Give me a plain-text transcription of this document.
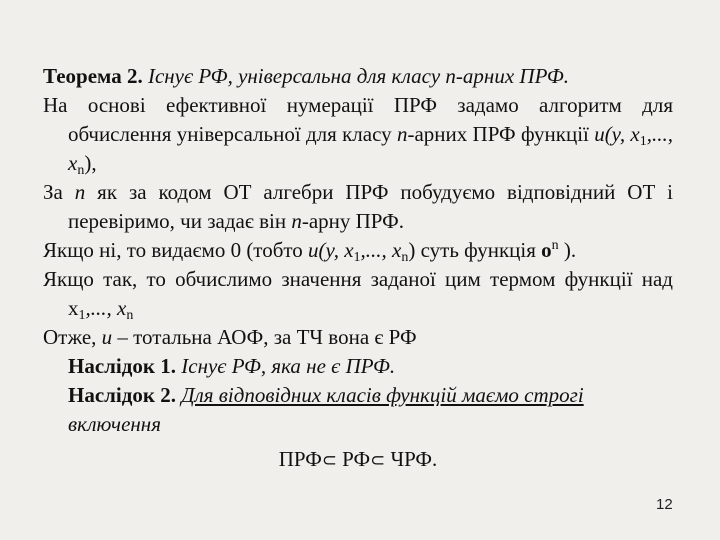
Теорема 2. Існує РФ, універсальна для класу n-арних ПРФ.

На основі ефективної нумерації ПРФ задамо алгоритм для обчислення універсальної для класу n-арних ПРФ функції u(y, $x_1$,..., $x_n$),

За n як за кодом ОТ алгебри ПРФ побудуємо відповідний ОТ і перевіримо, чи задає він n-арну ПРФ.

Якщо ні, то видаємо 0 (тобто u(y, $x_1$,..., $x_n$) суть функція $o^n$ ).

Якщо так, то обчислимо значення заданої цим термом функції над $x_1$,..., $x_n$

Отже, u – тотальна АОФ, за ТЧ вона є РФ

Наслідок 1. Існує РФ, яка не є ПРФ.

Наслідок 2. Для відповідних класів функцій маємо строгі
включення

ПРФ⊂ РФ⊂ ЧРФ.

12
